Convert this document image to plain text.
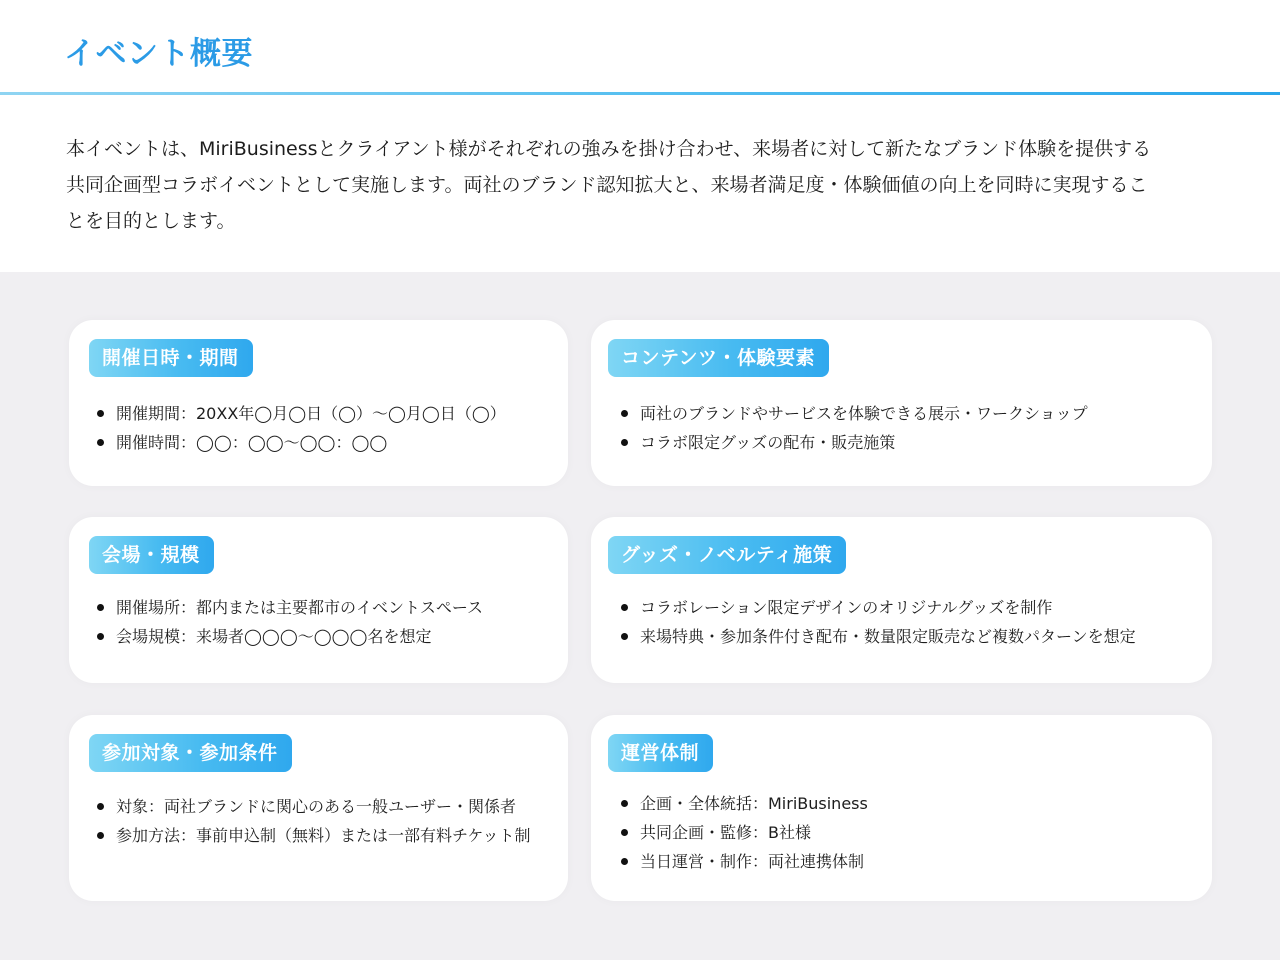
イベント概要

本イベントは、MiriBusinessとクライアント様がそれぞれの強みを掛け合わせ、来場者に対して新たなブランド体験を提供する共同企画型コラボイベントとして実施します。両社のブランド認知拡大と、来場者満足度・体験価値の向上を同時に実現することを目的とします。

開催日時・期間
開催期間：20XX年◯月◯日（◯）～◯月◯日（◯）
開催時間：◯◯：◯◯～◯◯：◯◯
コンテンツ・体験要素
両社のブランドやサービスを体験できる展示・ワークショップ
コラボ限定グッズの配布・販売施策
会場・規模
開催場所：都内または主要都市のイベントスペース
会場規模：来場者◯◯◯～◯◯◯名を想定
グッズ・ノベルティ施策
コラボレーション限定デザインのオリジナルグッズを制作
来場特典・参加条件付き配布・数量限定販売など複数パターンを想定
参加対象・参加条件
対象：両社ブランドに関心のある一般ユーザー・関係者
参加方法：事前申込制（無料）または一部有料チケット制
運営体制
企画・全体統括：MiriBusiness
共同企画・監修：B社様
当日運営・制作：両社連携体制
